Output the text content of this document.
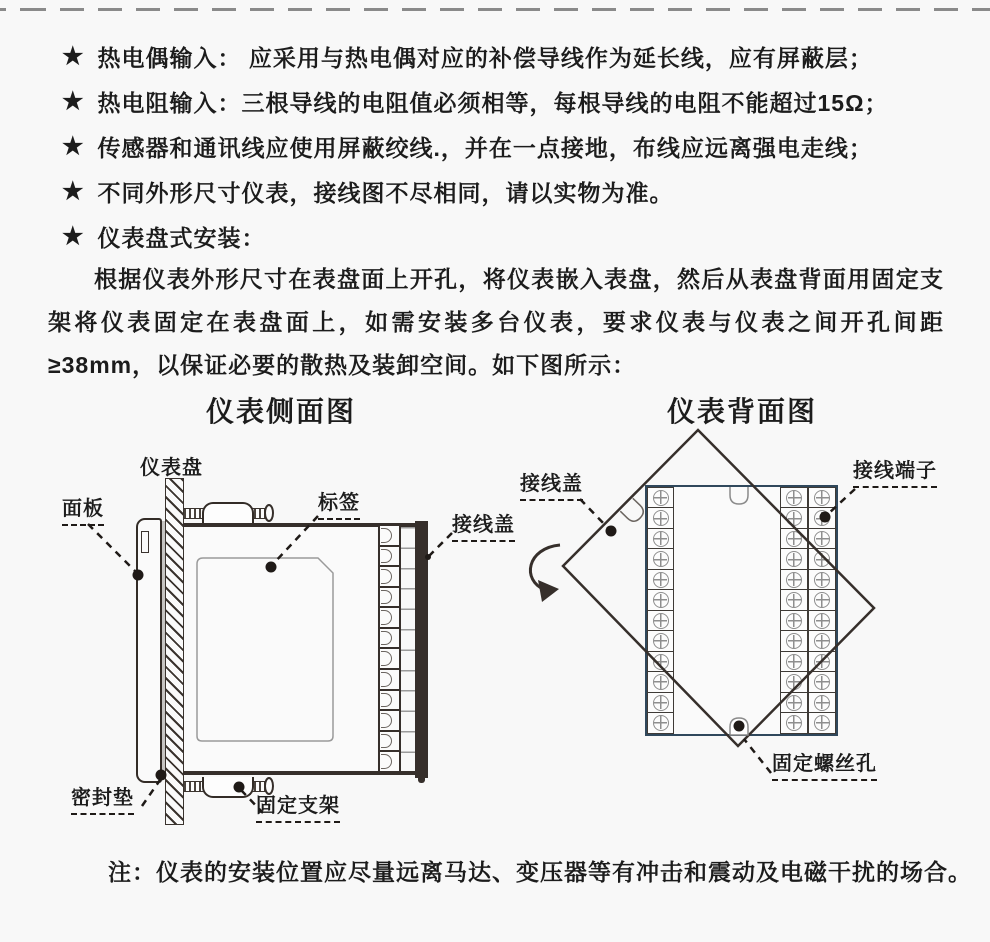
★ 热电偶输入： 应采用与热电偶对应的补偿导线作为延长线，应有屏蔽层；
★ 热电阻输入：三根导线的电阻值必须相等，每根导线的电阻不能超过15Ω；
★ 传感器和通讯线应使用屏蔽绞线.，并在一点接地，布线应远离强电走线；
★ 不同外形尺寸仪表，接线图不尽相同，请以实物为准。
★ 仪表盘式安装：
根据仪表外形尺寸在表盘面上开孔，将仪表嵌入表盘，然后从表盘背面用固定支架将仪表固定在表盘面上，如需安装多台仪表，要求仪表与仪表之间开孔间距≥38mm，以保证必要的散热及装卸空间。如下图所示：
仪表侧面图	仪表背面图
仪表盘
面板	标签
接线盖
密封垫	固定支架
接线盖
接线端子
固定螺丝孔
注：仪表的安装位置应尽量远离马达、变压器等有冲击和震动及电磁干扰的场合。
